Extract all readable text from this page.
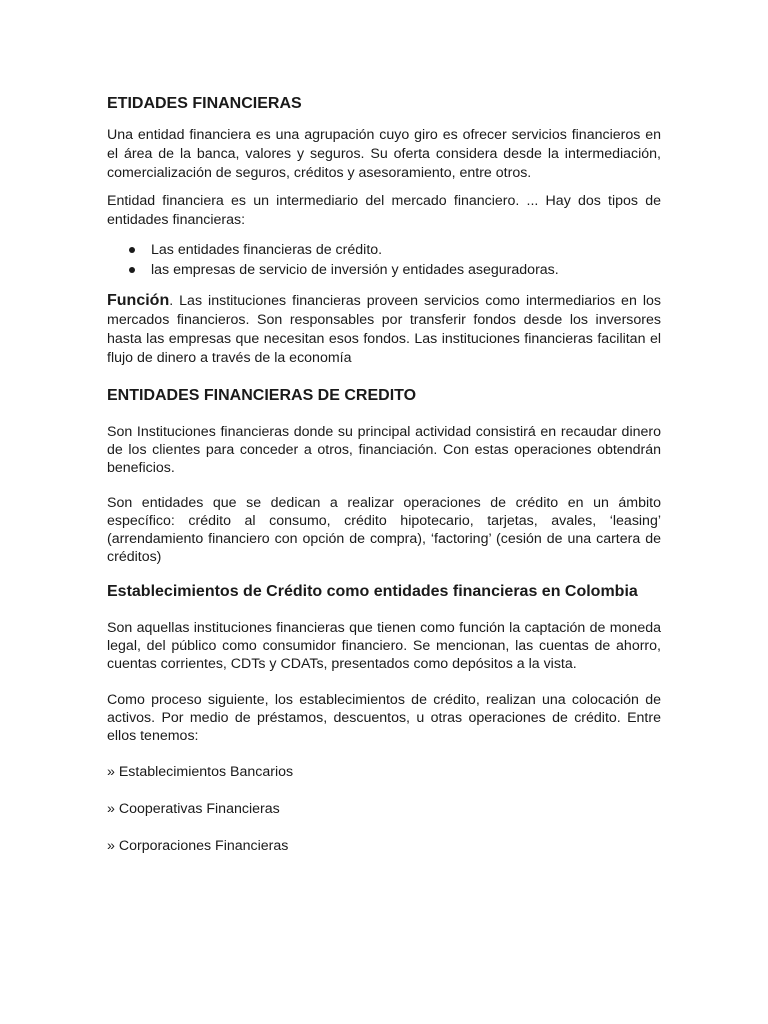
ETIDADES FINANCIERAS

Una entidad financiera es una agrupación cuyo giro es ofrecer servicios financieros en el área de la banca, valores y seguros. Su oferta considera desde la intermediación, comercialización de seguros, créditos y asesoramiento, entre otros.

Entidad financiera es un intermediario del mercado financiero. ... Hay dos tipos de entidades financieras:

Las entidades financieras de crédito.
las empresas de servicio de inversión y entidades aseguradoras.

Función. Las instituciones financieras proveen servicios como intermediarios en los mercados financieros. Son responsables por transferir fondos desde los inversores hasta las empresas que necesitan esos fondos. Las instituciones financieras facilitan el flujo de dinero a través de la economía

ENTIDADES FINANCIERAS DE CREDITO

Son Instituciones financieras donde su principal actividad consistirá en recaudar dinero de los clientes para conceder a otros, financiación. Con estas operaciones obtendrán beneficios.

Son entidades que se dedican a realizar operaciones de crédito en un ámbito específico: crédito al consumo, crédito hipotecario, tarjetas, avales, ‘leasing’ (arrendamiento financiero con opción de compra), ‘factoring’ (cesión de una cartera de créditos)

Establecimientos de Crédito como entidades financieras en Colombia

Son aquellas instituciones financieras que tienen como función la captación de moneda legal, del público como consumidor financiero. Se mencionan, las cuentas de ahorro, cuentas corrientes, CDTs y CDATs, presentados como depósitos a la vista.

Como proceso siguiente, los establecimientos de crédito, realizan una colocación de activos. Por medio de préstamos, descuentos, u otras operaciones de crédito. Entre ellos tenemos:

» Establecimientos Bancarios

» Cooperativas Financieras

» Corporaciones Financieras
